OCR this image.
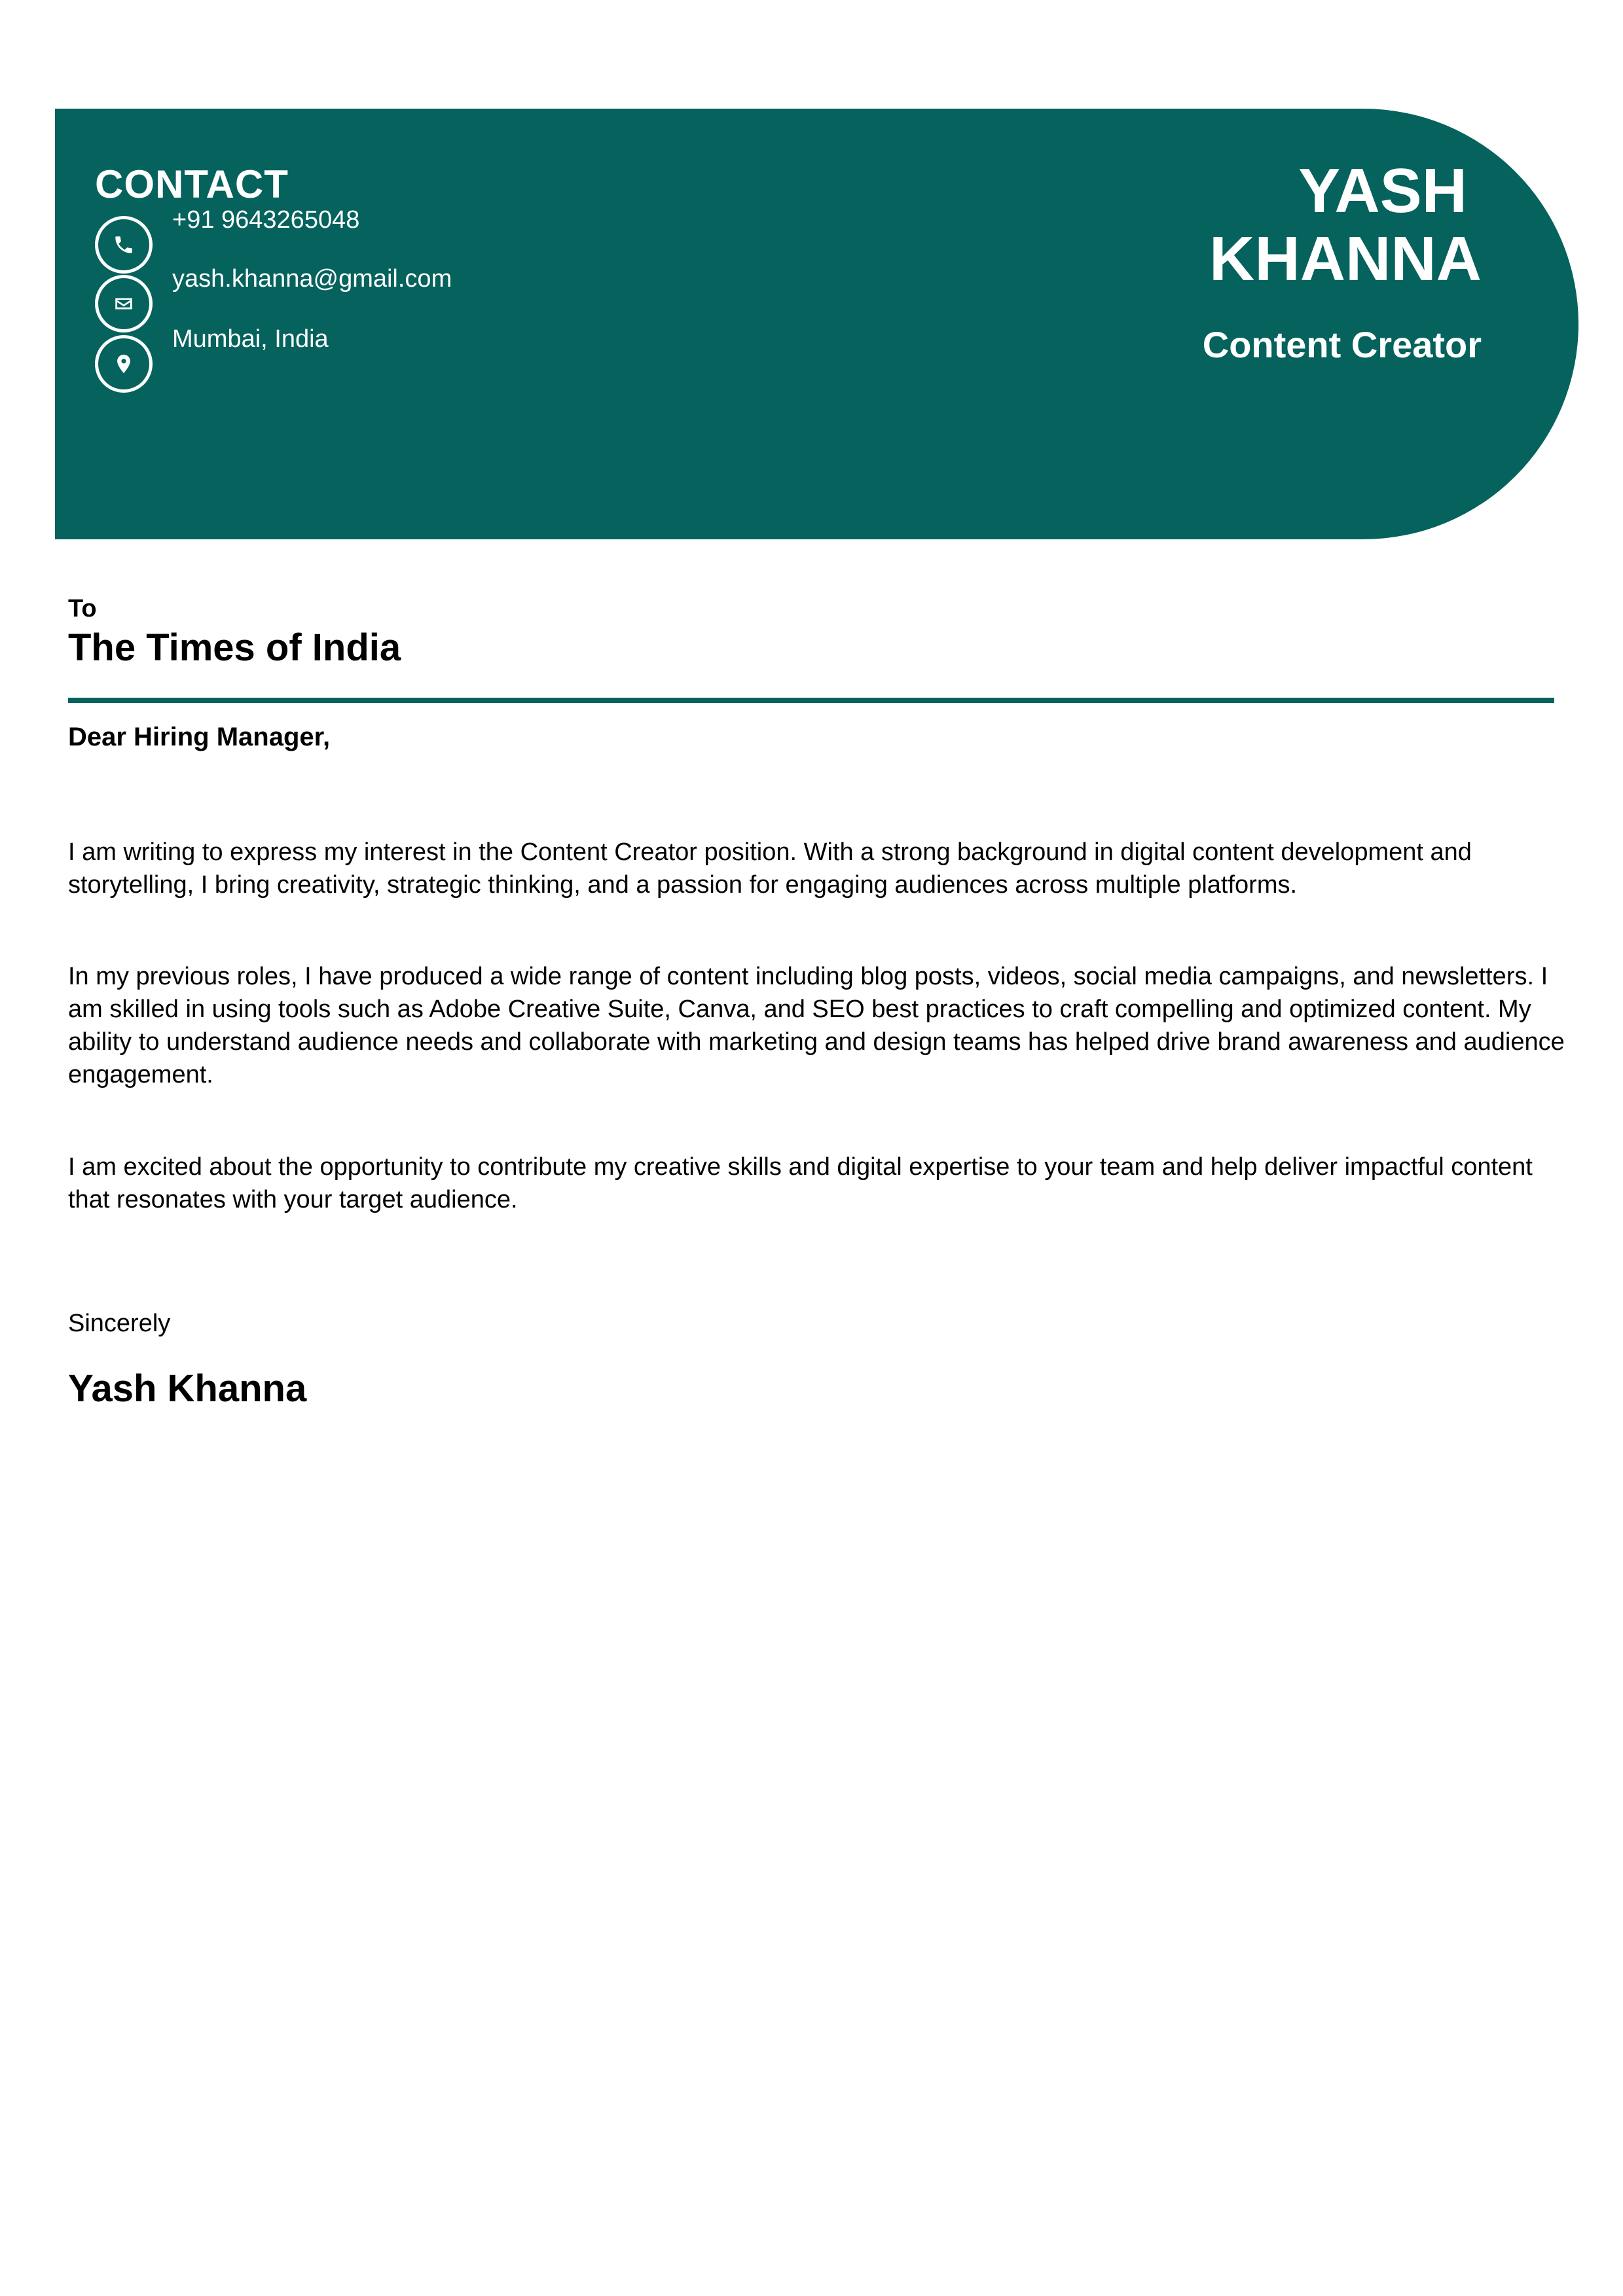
CONTACT
+91 9643265048
yash.khanna@gmail.com
Mumbai, India
YASH
KHANNA
Content Creator
To
The Times of India
Dear Hiring Manager,

I am writing to express my interest in the Content Creator position. With a strong background in digital content development and storytelling, I bring creativity, strategic thinking, and a passion for engaging audiences across multiple platforms.

In my previous roles, I have produced a wide range of content including blog posts, videos, social media campaigns, and newsletters. I am skilled in using tools such as Adobe Creative Suite, Canva, and SEO best practices to craft compelling and optimized content. My ability to understand audience needs and collaborate with marketing and design teams has helped drive brand awareness and audience engagement.

I am excited about the opportunity to contribute my creative skills and digital expertise to your team and help deliver impactful content that resonates with your target audience.

Sincerely
Yash Khanna
